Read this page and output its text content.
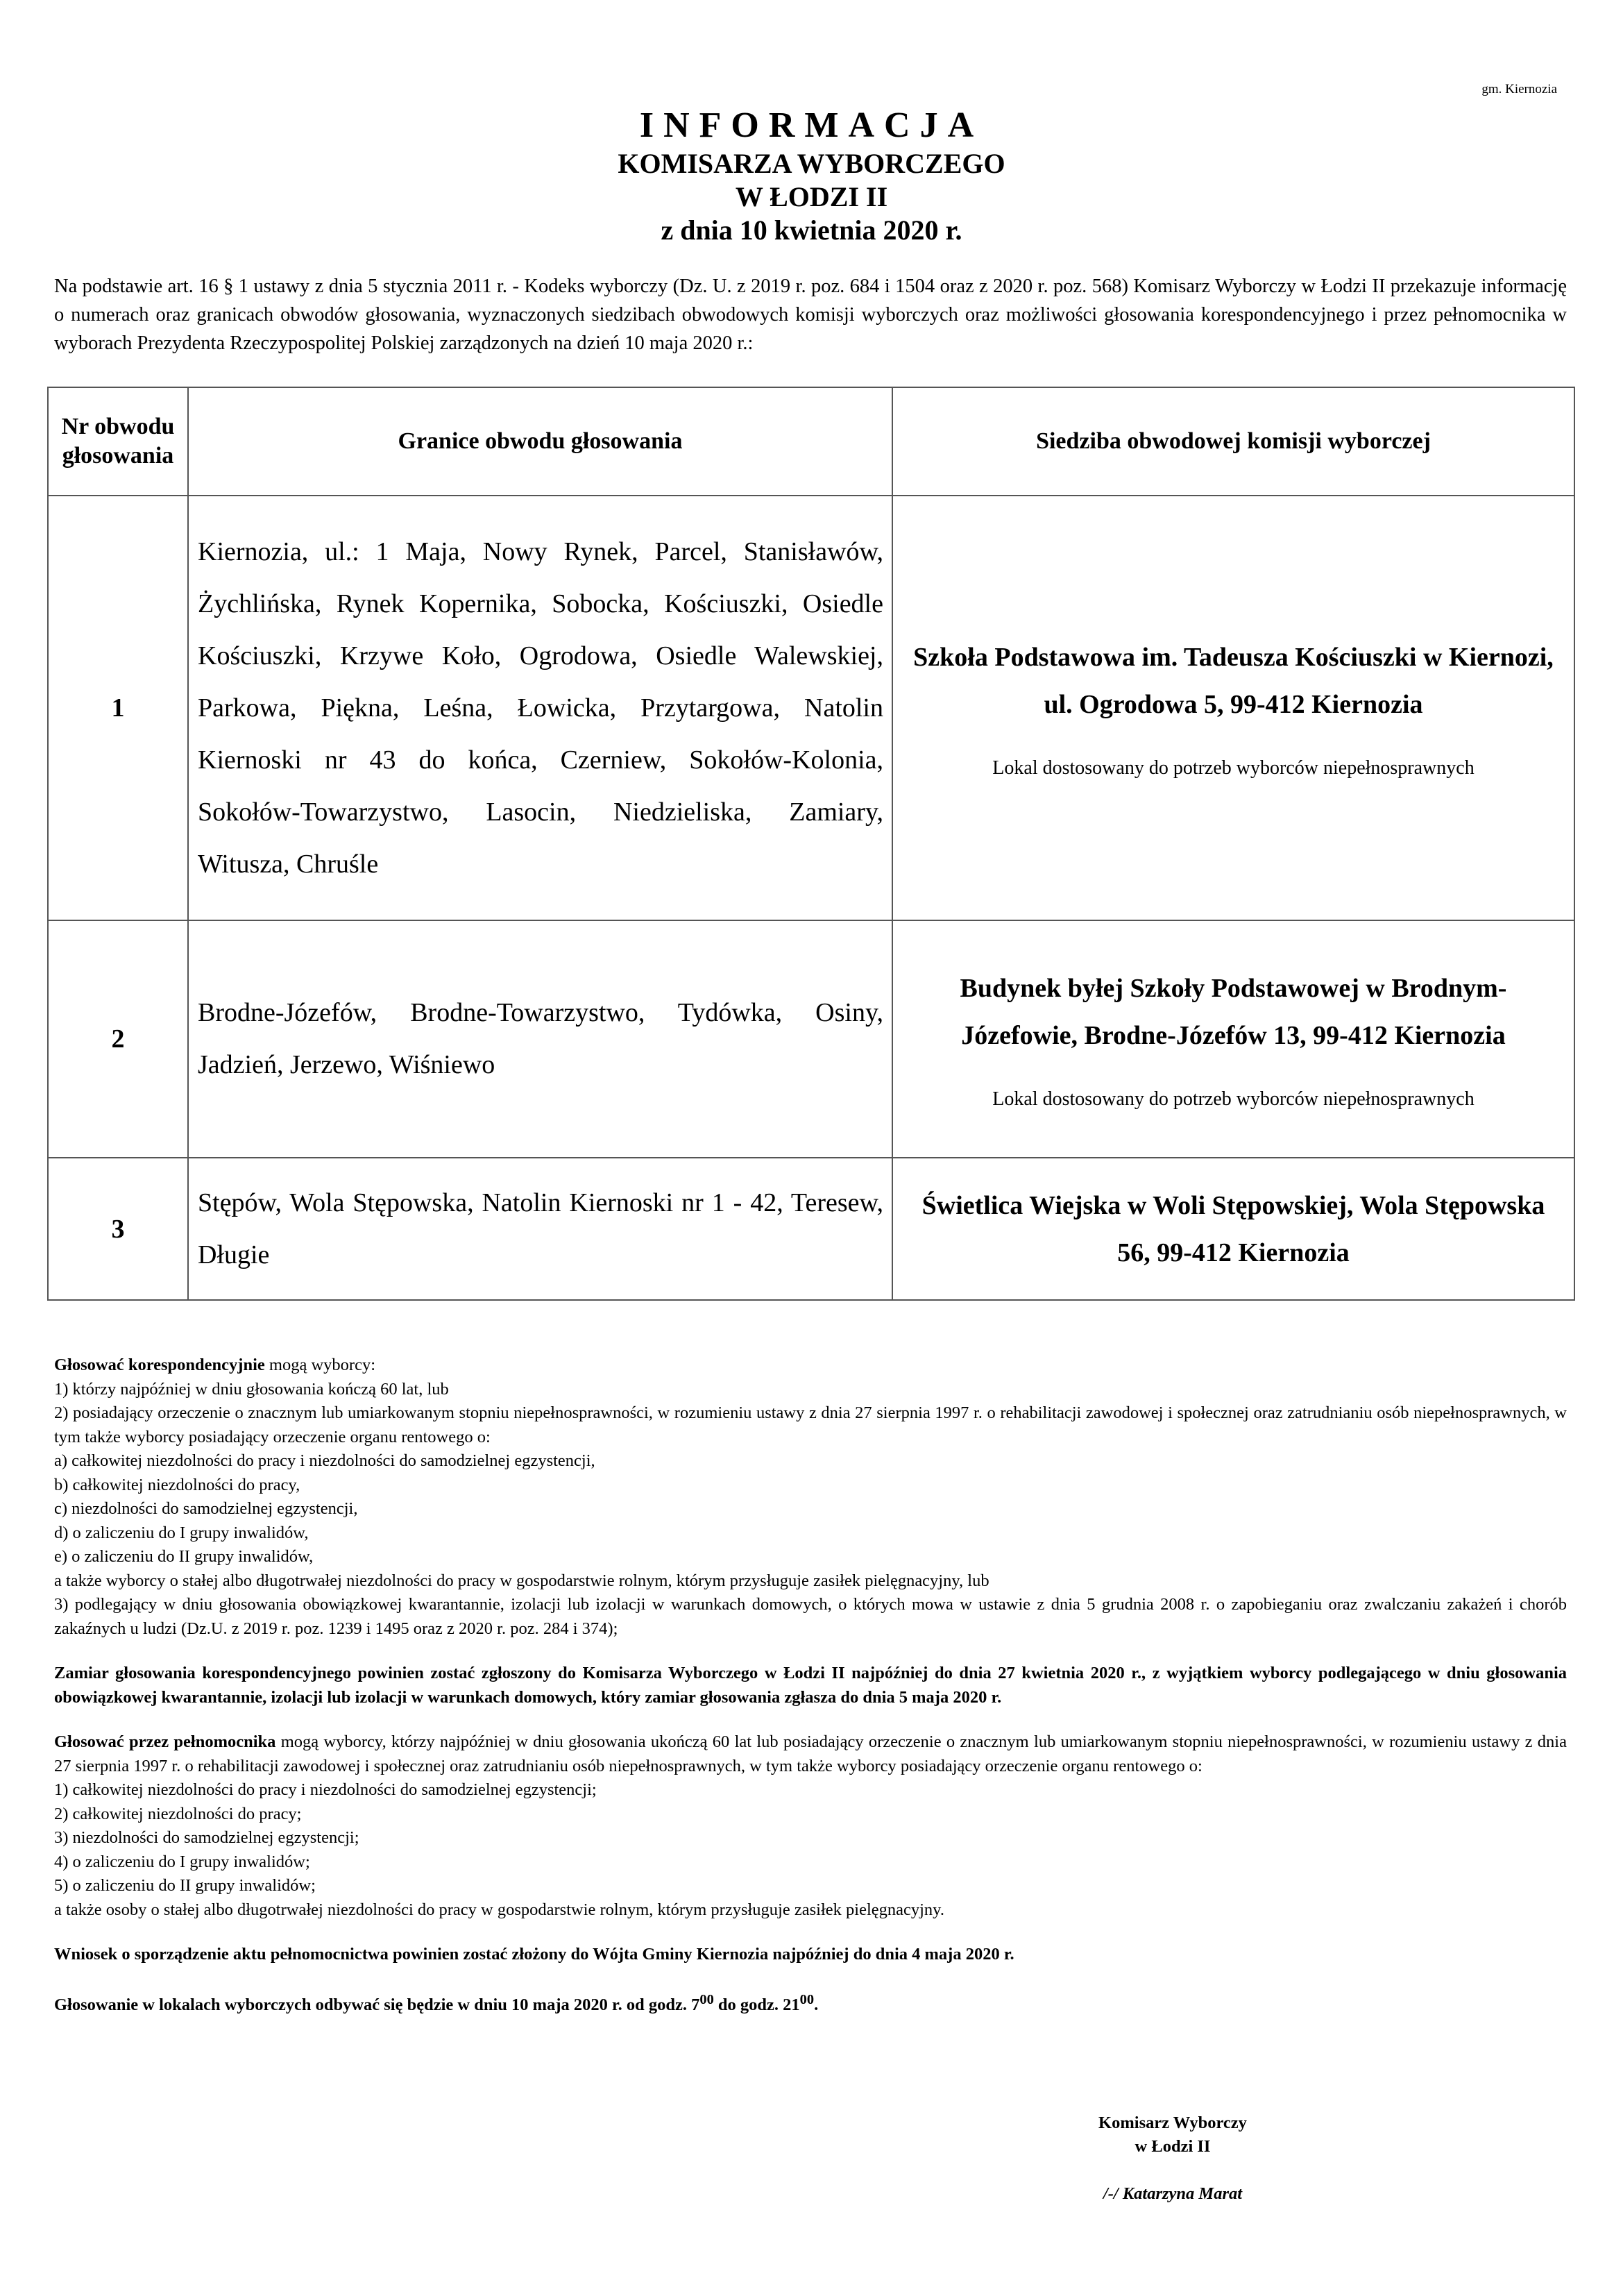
gm. Kiernozia
INFORMACJA
KOMISARZA WYBORCZEGO
W ŁODZI II
z dnia 10 kwietnia 2020 r.
Na podstawie art. 16 § 1 ustawy z dnia 5 stycznia 2011 r. - Kodeks wyborczy (Dz. U. z 2019 r. poz. 684 i 1504 oraz z 2020 r. poz. 568) Komisarz Wyborczy w Łodzi II przekazuje informację o numerach oraz granicach obwodów głosowania, wyznaczonych siedzibach obwodowych komisji wyborczych oraz możliwości głosowania korespondencyjnego i przez pełnomocnika w wyborach Prezydenta Rzeczypospolitej Polskiej zarządzonych na dzień 10 maja 2020 r.:
Nr obwodu
głosowania	Granice obwodu głosowania	Siedziba obwodowej komisji wyborczej
1	Kiernozia, ul.: 1 Maja, Nowy Rynek, Parcel, Stanisławów, Żychlińska, Rynek Kopernika, Sobocka, Kościuszki, Osiedle Kościuszki, Krzywe Koło, Ogrodowa, Osiedle Walewskiej, Parkowa, Piękna, Leśna, Łowicka, Przytargowa, Natolin Kiernoski nr 43 do końca, Czerniew, Sokołów-Kolonia, Sokołów-Towarzystwo, Lasocin, Niedzieliska, Zamiary, Witusza, Chruśle	Szkoła Podstawowa im. Tadeusza Kościuszki w Kiernozi, ul. Ogrodowa 5, 99-412 Kiernozia
Lokal dostosowany do potrzeb wyborców niepełnosprawnych

2	Brodne-Józefów, Brodne-Towarzystwo, Tydówka, Osiny, Jadzień, Jerzewo, Wiśniewo	Budynek byłej Szkoły Podstawowej w Brodnym-Józefowie, Brodne-Józefów 13, 99-412 Kiernozia
Lokal dostosowany do potrzeb wyborców niepełnosprawnych

3	Stępów, Wola Stępowska, Natolin Kiernoski nr 1 - 42, Teresew, Długie	Świetlica Wiejska w Woli Stępowskiej, Wola Stępowska 56, 99-412 Kiernozia

Głosować korespondencyjnie mogą wyborcy:

1) którzy najpóźniej w dniu głosowania kończą 60 lat, lub

2) posiadający orzeczenie o znacznym lub umiarkowanym stopniu niepełnosprawności, w rozumieniu ustawy z dnia 27 sierpnia 1997 r. o rehabilitacji zawodowej i społecznej oraz zatrudnianiu osób niepełnosprawnych, w tym także wyborcy posiadający orzeczenie organu rentowego o:

a) całkowitej niezdolności do pracy i niezdolności do samodzielnej egzystencji,

b) całkowitej niezdolności do pracy,

c) niezdolności do samodzielnej egzystencji,

d) o zaliczeniu do I grupy inwalidów,

e) o zaliczeniu do II grupy inwalidów,

a także wyborcy o stałej albo długotrwałej niezdolności do pracy w gospodarstwie rolnym, którym przysługuje zasiłek pielęgnacyjny, lub

3) podlegający w dniu głosowania obowiązkowej kwarantannie, izolacji lub izolacji w warunkach domowych, o których mowa w ustawie z dnia 5 grudnia 2008 r. o zapobieganiu oraz zwalczaniu zakażeń i chorób zakaźnych u ludzi (Dz.U. z 2019 r. poz. 1239 i 1495 oraz z 2020 r. poz. 284 i 374);

Zamiar głosowania korespondencyjnego powinien zostać zgłoszony do Komisarza Wyborczego w Łodzi II najpóźniej do dnia 27 kwietnia 2020 r., z wyjątkiem wyborcy podlegającego w dniu głosowania obowiązkowej kwarantannie, izolacji lub izolacji w warunkach domowych, który zamiar głosowania zgłasza do dnia 5 maja 2020 r.

Głosować przez pełnomocnika mogą wyborcy, którzy najpóźniej w dniu głosowania ukończą 60 lat lub posiadający orzeczenie o znacznym lub umiarkowanym stopniu niepełnosprawności, w rozumieniu ustawy z dnia 27 sierpnia 1997 r. o rehabilitacji zawodowej i społecznej oraz zatrudnianiu osób niepełnosprawnych, w tym także wyborcy posiadający orzeczenie organu rentowego o:

1) całkowitej niezdolności do pracy i niezdolności do samodzielnej egzystencji;

2) całkowitej niezdolności do pracy;

3) niezdolności do samodzielnej egzystencji;

4) o zaliczeniu do I grupy inwalidów;

5) o zaliczeniu do II grupy inwalidów;

a także osoby o stałej albo długotrwałej niezdolności do pracy w gospodarstwie rolnym, którym przysługuje zasiłek pielęgnacyjny.

Wniosek o sporządzenie aktu pełnomocnictwa powinien zostać złożony do Wójta Gminy Kiernozia najpóźniej do dnia 4 maja 2020 r.

Głosowanie w lokalach wyborczych odbywać się będzie w dniu 10 maja 2020 r. od godz. $7^{00}$ do godz. $21^{00}$.

Komisarz Wyborczy
w Łodzi II
/-/ Katarzyna Marat
